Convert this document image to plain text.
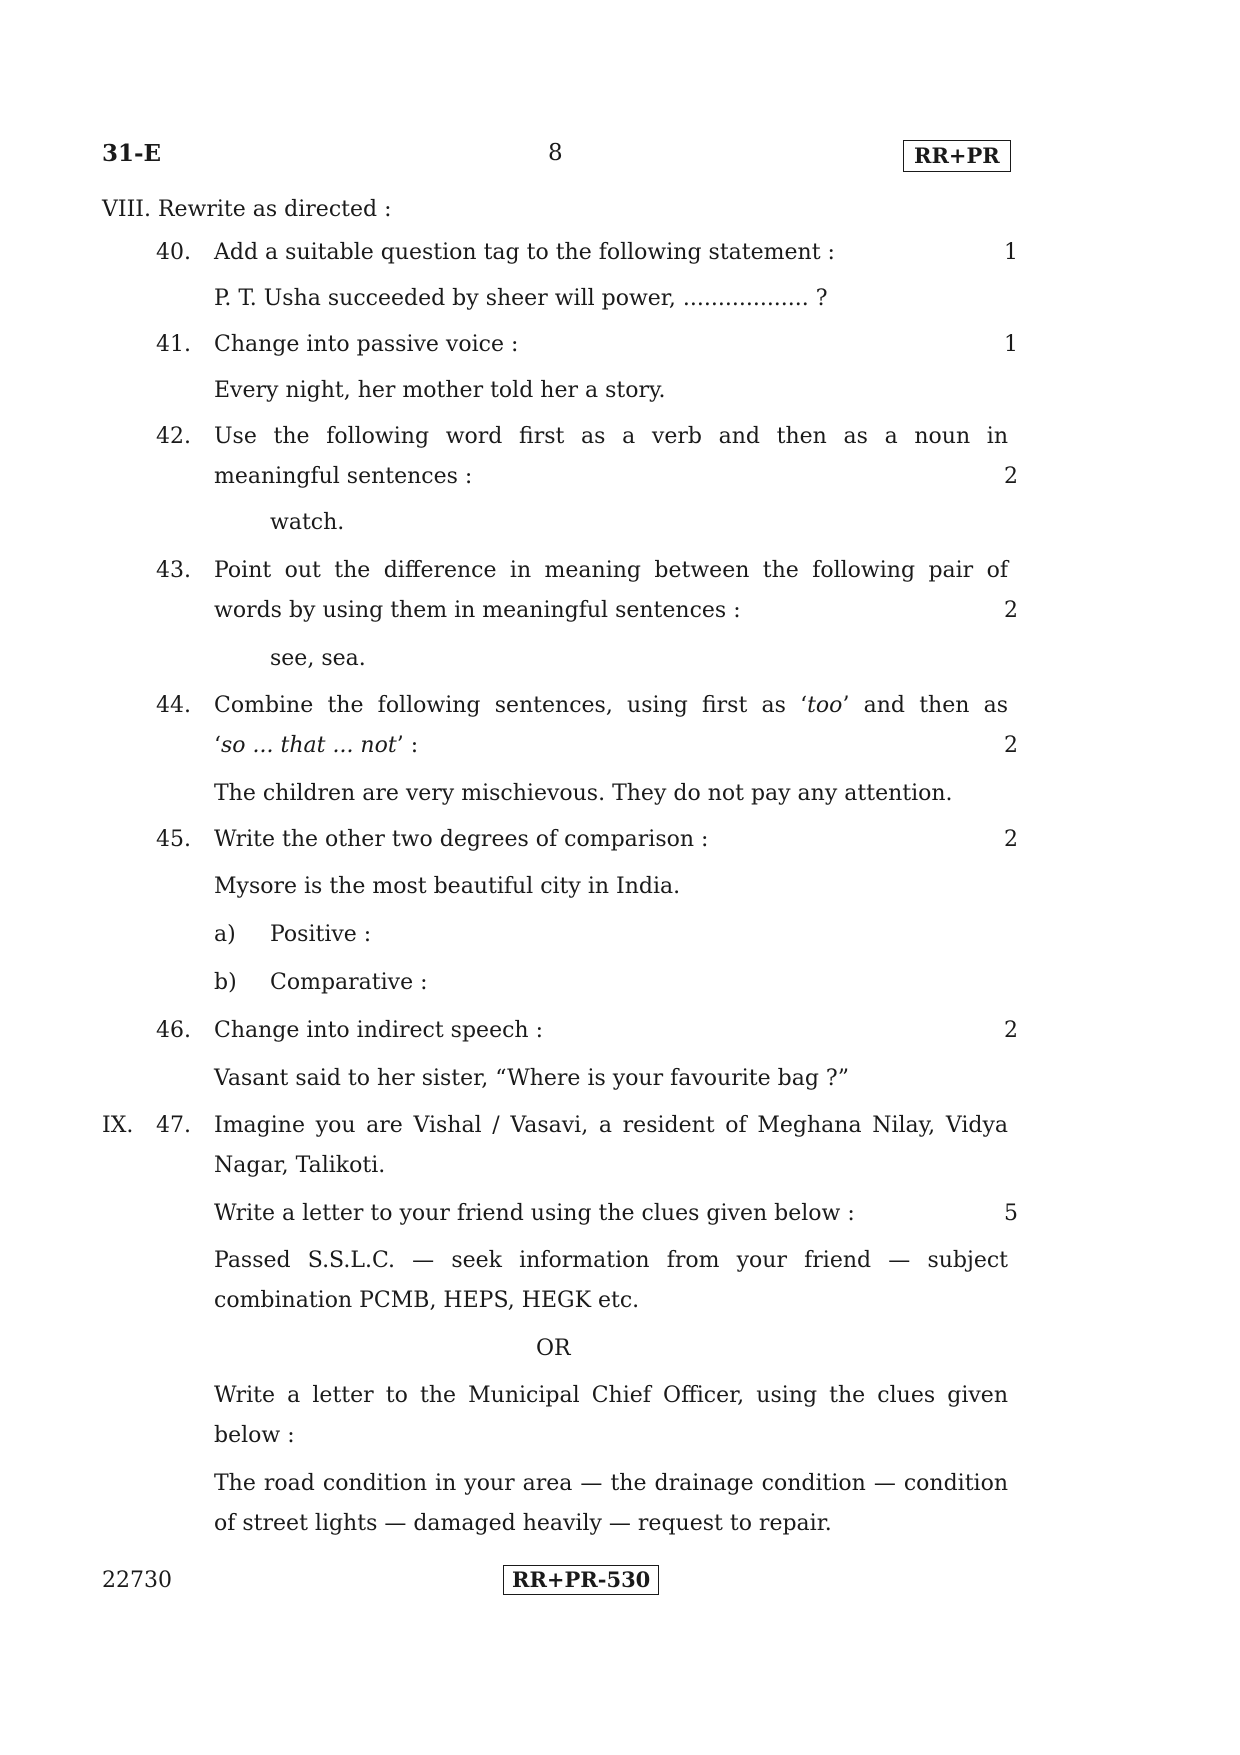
31-E	8	RR+PR
VIII. Rewrite as directed :
40. Add a suitable question tag to the following statement :	1
P. T. Usha succeeded by sheer will power, .................. ?
41. Change into passive voice :	1
Every night, her mother told her a story.
42. Use the following word first as a verb and then as a noun in
meaningful sentences :	2
watch.
43. Point out the difference in meaning between the following pair of
words by using them in meaningful sentences :	2
see, sea.
44. Combine the following sentences, using first as ‘too’ and then as
‘so ... that ... not’ :	2
The children are very mischievous. They do not pay any attention.
45. Write the other two degrees of comparison :	2
Mysore is the most beautiful city in India.
a) Positive :
b) Comparative :
46. Change into indirect speech :	2
Vasant said to her sister, “Where is your favourite bag ?”
IX. 47. Imagine you are Vishal / Vasavi, a resident of Meghana Nilay, Vidya
Nagar, Talikoti.
Write a letter to your friend using the clues given below :	5
Passed S.S.L.C. — seek information from your friend — subject
combination PCMB, HEPS, HEGK etc.
OR
Write a letter to the Municipal Chief Officer, using the clues given
below :
The road condition in your area — the drainage condition — condition
of street lights — damaged heavily — request to repair.
22730	RR+PR-530
